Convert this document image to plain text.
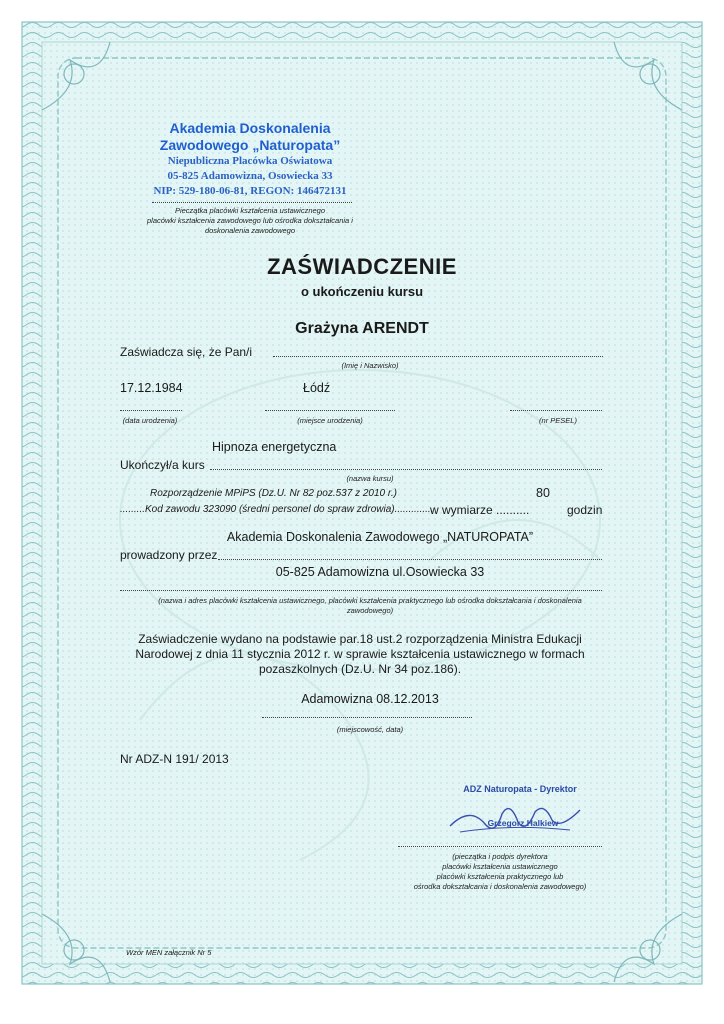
Akademia Doskonalenia
Zawodowego „Naturopata”
Niepubliczna Placówka Oświatowa
05-825 Adamowizna, Osowiecka 33
NIP: 529-180-06-81, REGON: 146472131
Pieczątka placówki kształcenia ustawicznego
placówki kształcenia zawodowego lub ośrodka dokształcania i
doskonalenia zawodowego
ZAŚWIADCZENIE
o ukończeniu kursu
Grażyna ARENDT
Zaświadcza się, że Pan/i
(Imię i Nazwisko)
17.12.1984	Łódź
(data urodzenia)	(miejsce urodzenia)	(nr PESEL)
Hipnoza energetyczna
Ukończył/a kurs
(nazwa kursu)
Rozporządzenie MPiPS (Dz.U. Nr 82 poz.537 z 2010 r.)	80
.........Kod zawodu 323090 (średni personel do spraw zdrowia)..............
w wymiarze ..........	godzin
Akademia Doskonalenia Zawodowego „NATUROPATA”
prowadzony przez
05-825 Adamowizna ul.Osowiecka 33
(nazwa i adres placówki kształcenia ustawicznego, placówki kształcenia praktycznego lub ośrodka dokształcania i doskonalenia zawodowego)
Zaświadczenie wydano na podstawie par.18 ust.2 rozporządzenia Ministra Edukacji
Narodowej z dnia 11 stycznia 2012 r. w sprawie kształcenia ustawicznego w formach
pozaszkolnych (Dz.U. Nr 34 poz.186).
Adamowizna 08.12.2013
(miejscowość, data)
Nr ADZ-N 191/ 2013
ADZ Naturopata - Dyrektor
Grzegorz Halkiew
(pieczątka i podpis dyrektora
placówki kształcenia ustawicznego
placówki kształcenia praktycznego lub
ośrodka dokształcania i doskonalenia zawodowego)
Wzór MEN załącznik Nr 5
